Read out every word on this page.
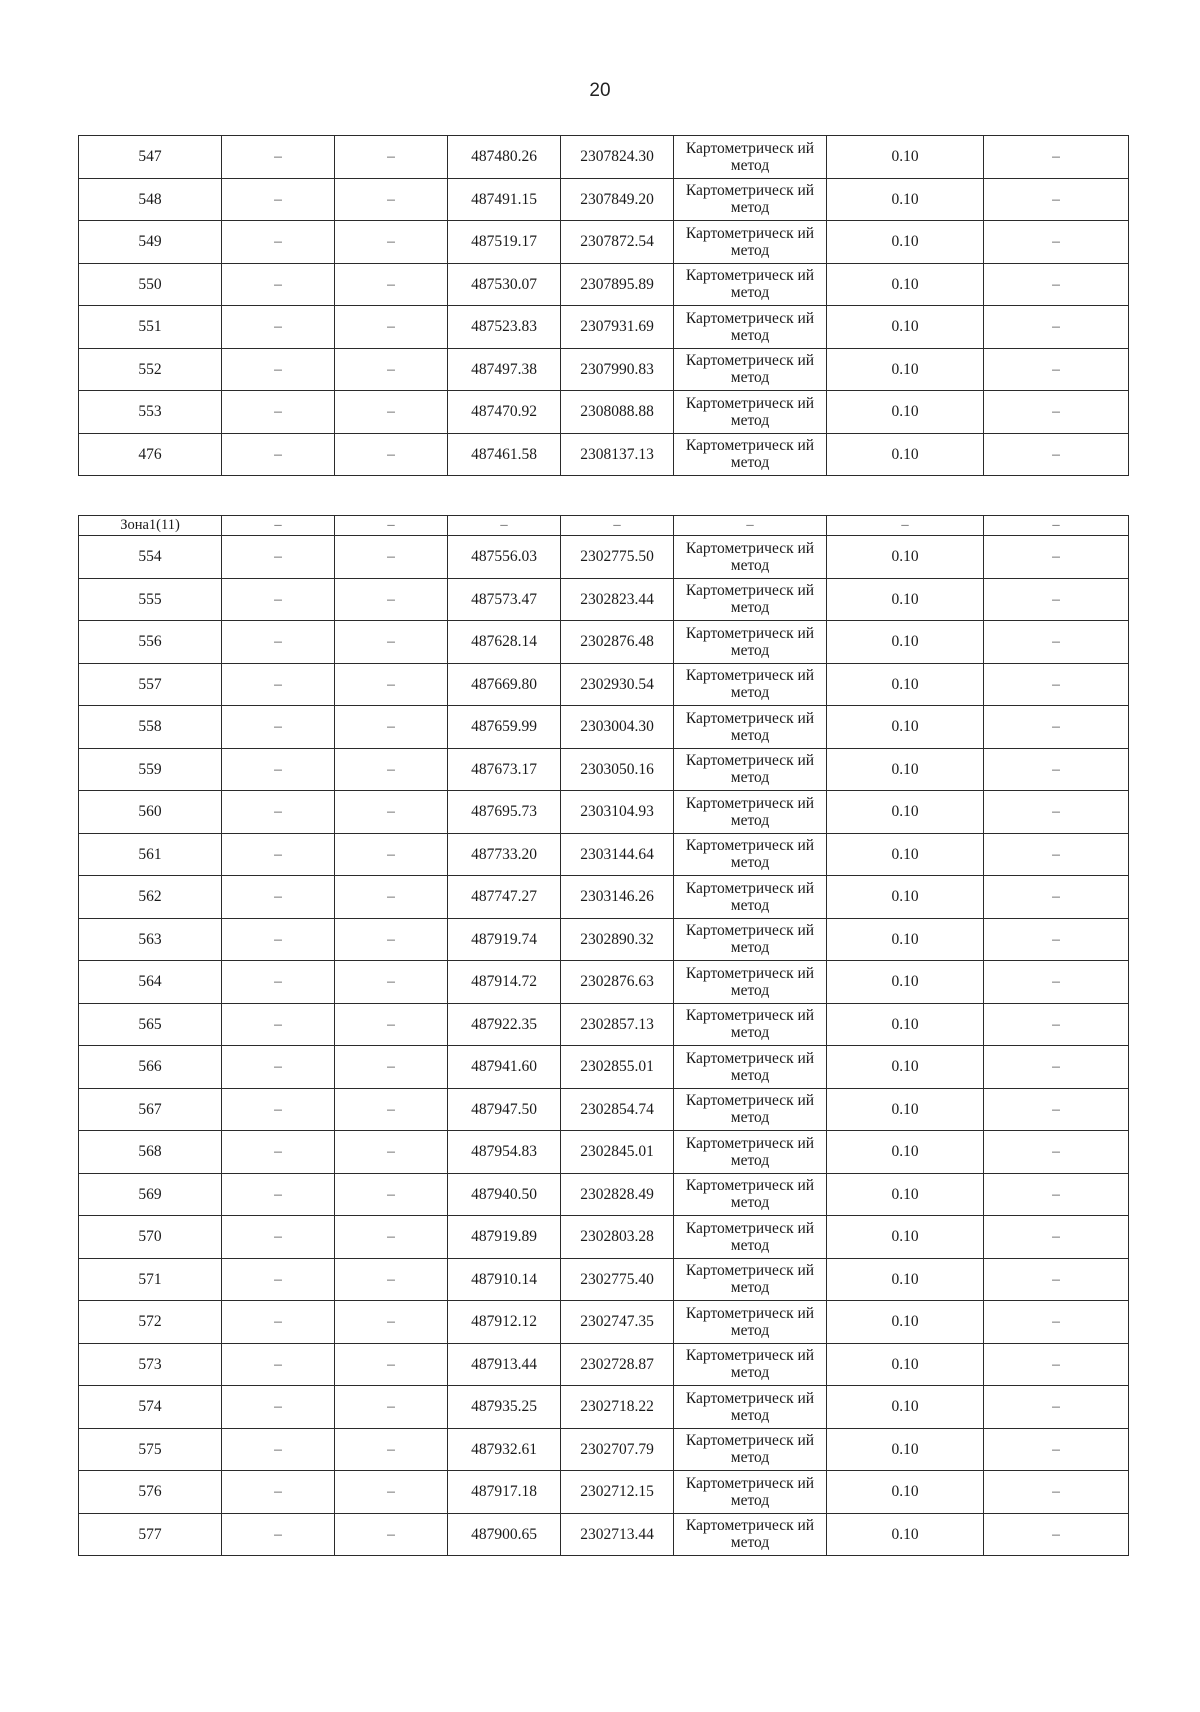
20
547	–	–	487480.26	2307824.30	Картометрическ ий метод	0.10	–
548	–	–	487491.15	2307849.20	Картометрическ ий метод	0.10	–
549	–	–	487519.17	2307872.54	Картометрическ ий метод	0.10	–
550	–	–	487530.07	2307895.89	Картометрическ ий метод	0.10	–
551	–	–	487523.83	2307931.69	Картометрическ ий метод	0.10	–
552	–	–	487497.38	2307990.83	Картометрическ ий метод	0.10	–
553	–	–	487470.92	2308088.88	Картометрическ ий метод	0.10	–
476	–	–	487461.58	2308137.13	Картометрическ ий метод	0.10	–
Зона1(11)	–	–	–	–	–	–	–
554	–	–	487556.03	2302775.50	Картометрическ ий метод	0.10	–
555	–	–	487573.47	2302823.44	Картометрическ ий метод	0.10	–
556	–	–	487628.14	2302876.48	Картометрическ ий метод	0.10	–
557	–	–	487669.80	2302930.54	Картометрическ ий метод	0.10	–
558	–	–	487659.99	2303004.30	Картометрическ ий метод	0.10	–
559	–	–	487673.17	2303050.16	Картометрическ ий метод	0.10	–
560	–	–	487695.73	2303104.93	Картометрическ ий метод	0.10	–
561	–	–	487733.20	2303144.64	Картометрическ ий метод	0.10	–
562	–	–	487747.27	2303146.26	Картометрическ ий метод	0.10	–
563	–	–	487919.74	2302890.32	Картометрическ ий метод	0.10	–
564	–	–	487914.72	2302876.63	Картометрическ ий метод	0.10	–
565	–	–	487922.35	2302857.13	Картометрическ ий метод	0.10	–
566	–	–	487941.60	2302855.01	Картометрическ ий метод	0.10	–
567	–	–	487947.50	2302854.74	Картометрическ ий метод	0.10	–
568	–	–	487954.83	2302845.01	Картометрическ ий метод	0.10	–
569	–	–	487940.50	2302828.49	Картометрическ ий метод	0.10	–
570	–	–	487919.89	2302803.28	Картометрическ ий метод	0.10	–
571	–	–	487910.14	2302775.40	Картометрическ ий метод	0.10	–
572	–	–	487912.12	2302747.35	Картометрическ ий метод	0.10	–
573	–	–	487913.44	2302728.87	Картометрическ ий метод	0.10	–
574	–	–	487935.25	2302718.22	Картометрическ ий метод	0.10	–
575	–	–	487932.61	2302707.79	Картометрическ ий метод	0.10	–
576	–	–	487917.18	2302712.15	Картометрическ ий метод	0.10	–
577	–	–	487900.65	2302713.44	Картометрическ ий метод	0.10	–
